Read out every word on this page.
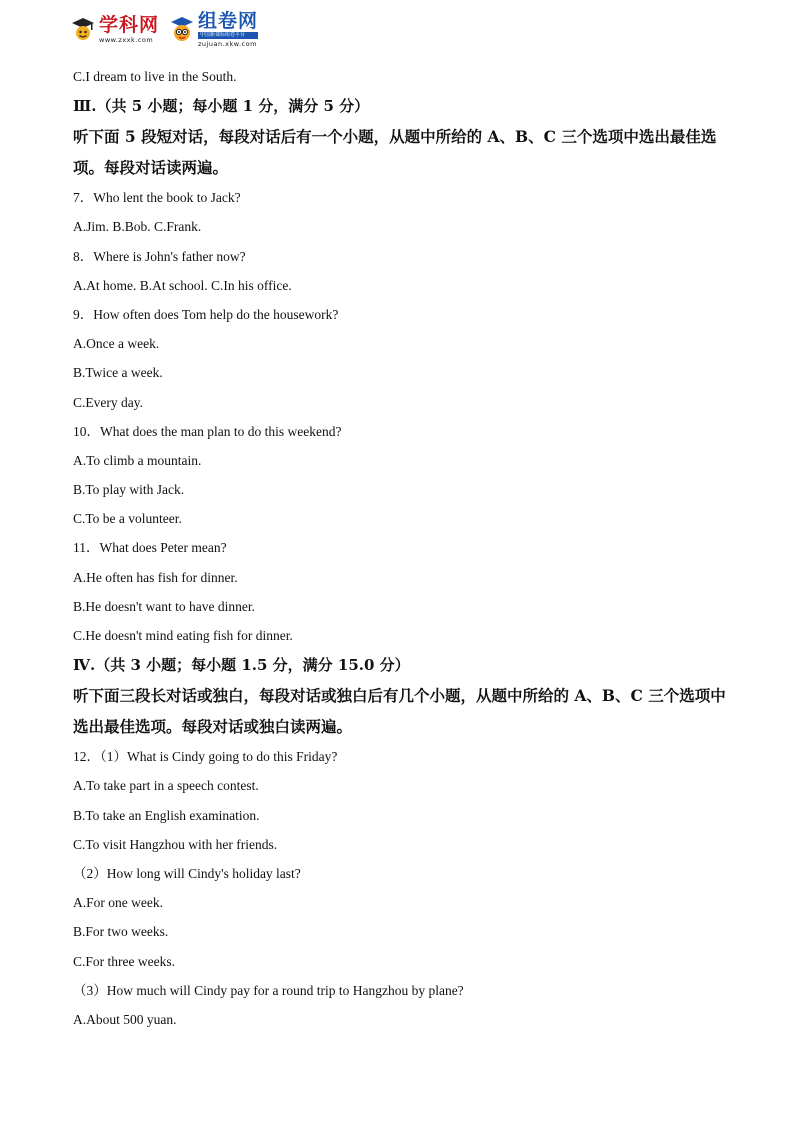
学科网
www.zxxk.com
组卷网
中国新课标组卷平台
zujuan.xkw.com
C.I dream to live in the South.
Ⅲ.（共 5 小题；每小题 1 分，满分 5 分）
听下面 5 段短对话，每段对话后有一个小题，从题中所给的 A、B、C 三个选项中选出最佳选项。每段对话读两遍。
7．Who lent the book to Jack?
A.Jim. B.Bob. C.Frank.
8．Where is John's father now?
A.At home. B.At school. C.In his office.
9．How often does Tom help do the housework?
A.Once a week.
B.Twice a week.
C.Every day.
10．What does the man plan to do this weekend?
A.To climb a mountain.
B.To play with Jack.
C.To be a volunteer.
11．What does Peter mean?
A.He often has fish for dinner.
B.He doesn't want to have dinner.
C.He doesn't mind eating fish for dinner.
Ⅳ.（共 3 小题；每小题 1.5 分，满分 15.0 分）
听下面三段长对话或独白，每段对话或独白后有几个小题，从题中所给的 A、B、C 三个选项中选出最佳选项。每段对话或独白读两遍。
12．（1）What is Cindy going to do this Friday?
A.To take part in a speech contest.
B.To take an English examination.
C.To visit Hangzhou with her friends.
（2）How long will Cindy's holiday last?
A.For one week.
B.For two weeks.
C.For three weeks.
（3）How much will Cindy pay for a round trip to Hangzhou by plane?
A.About 500 yuan.
